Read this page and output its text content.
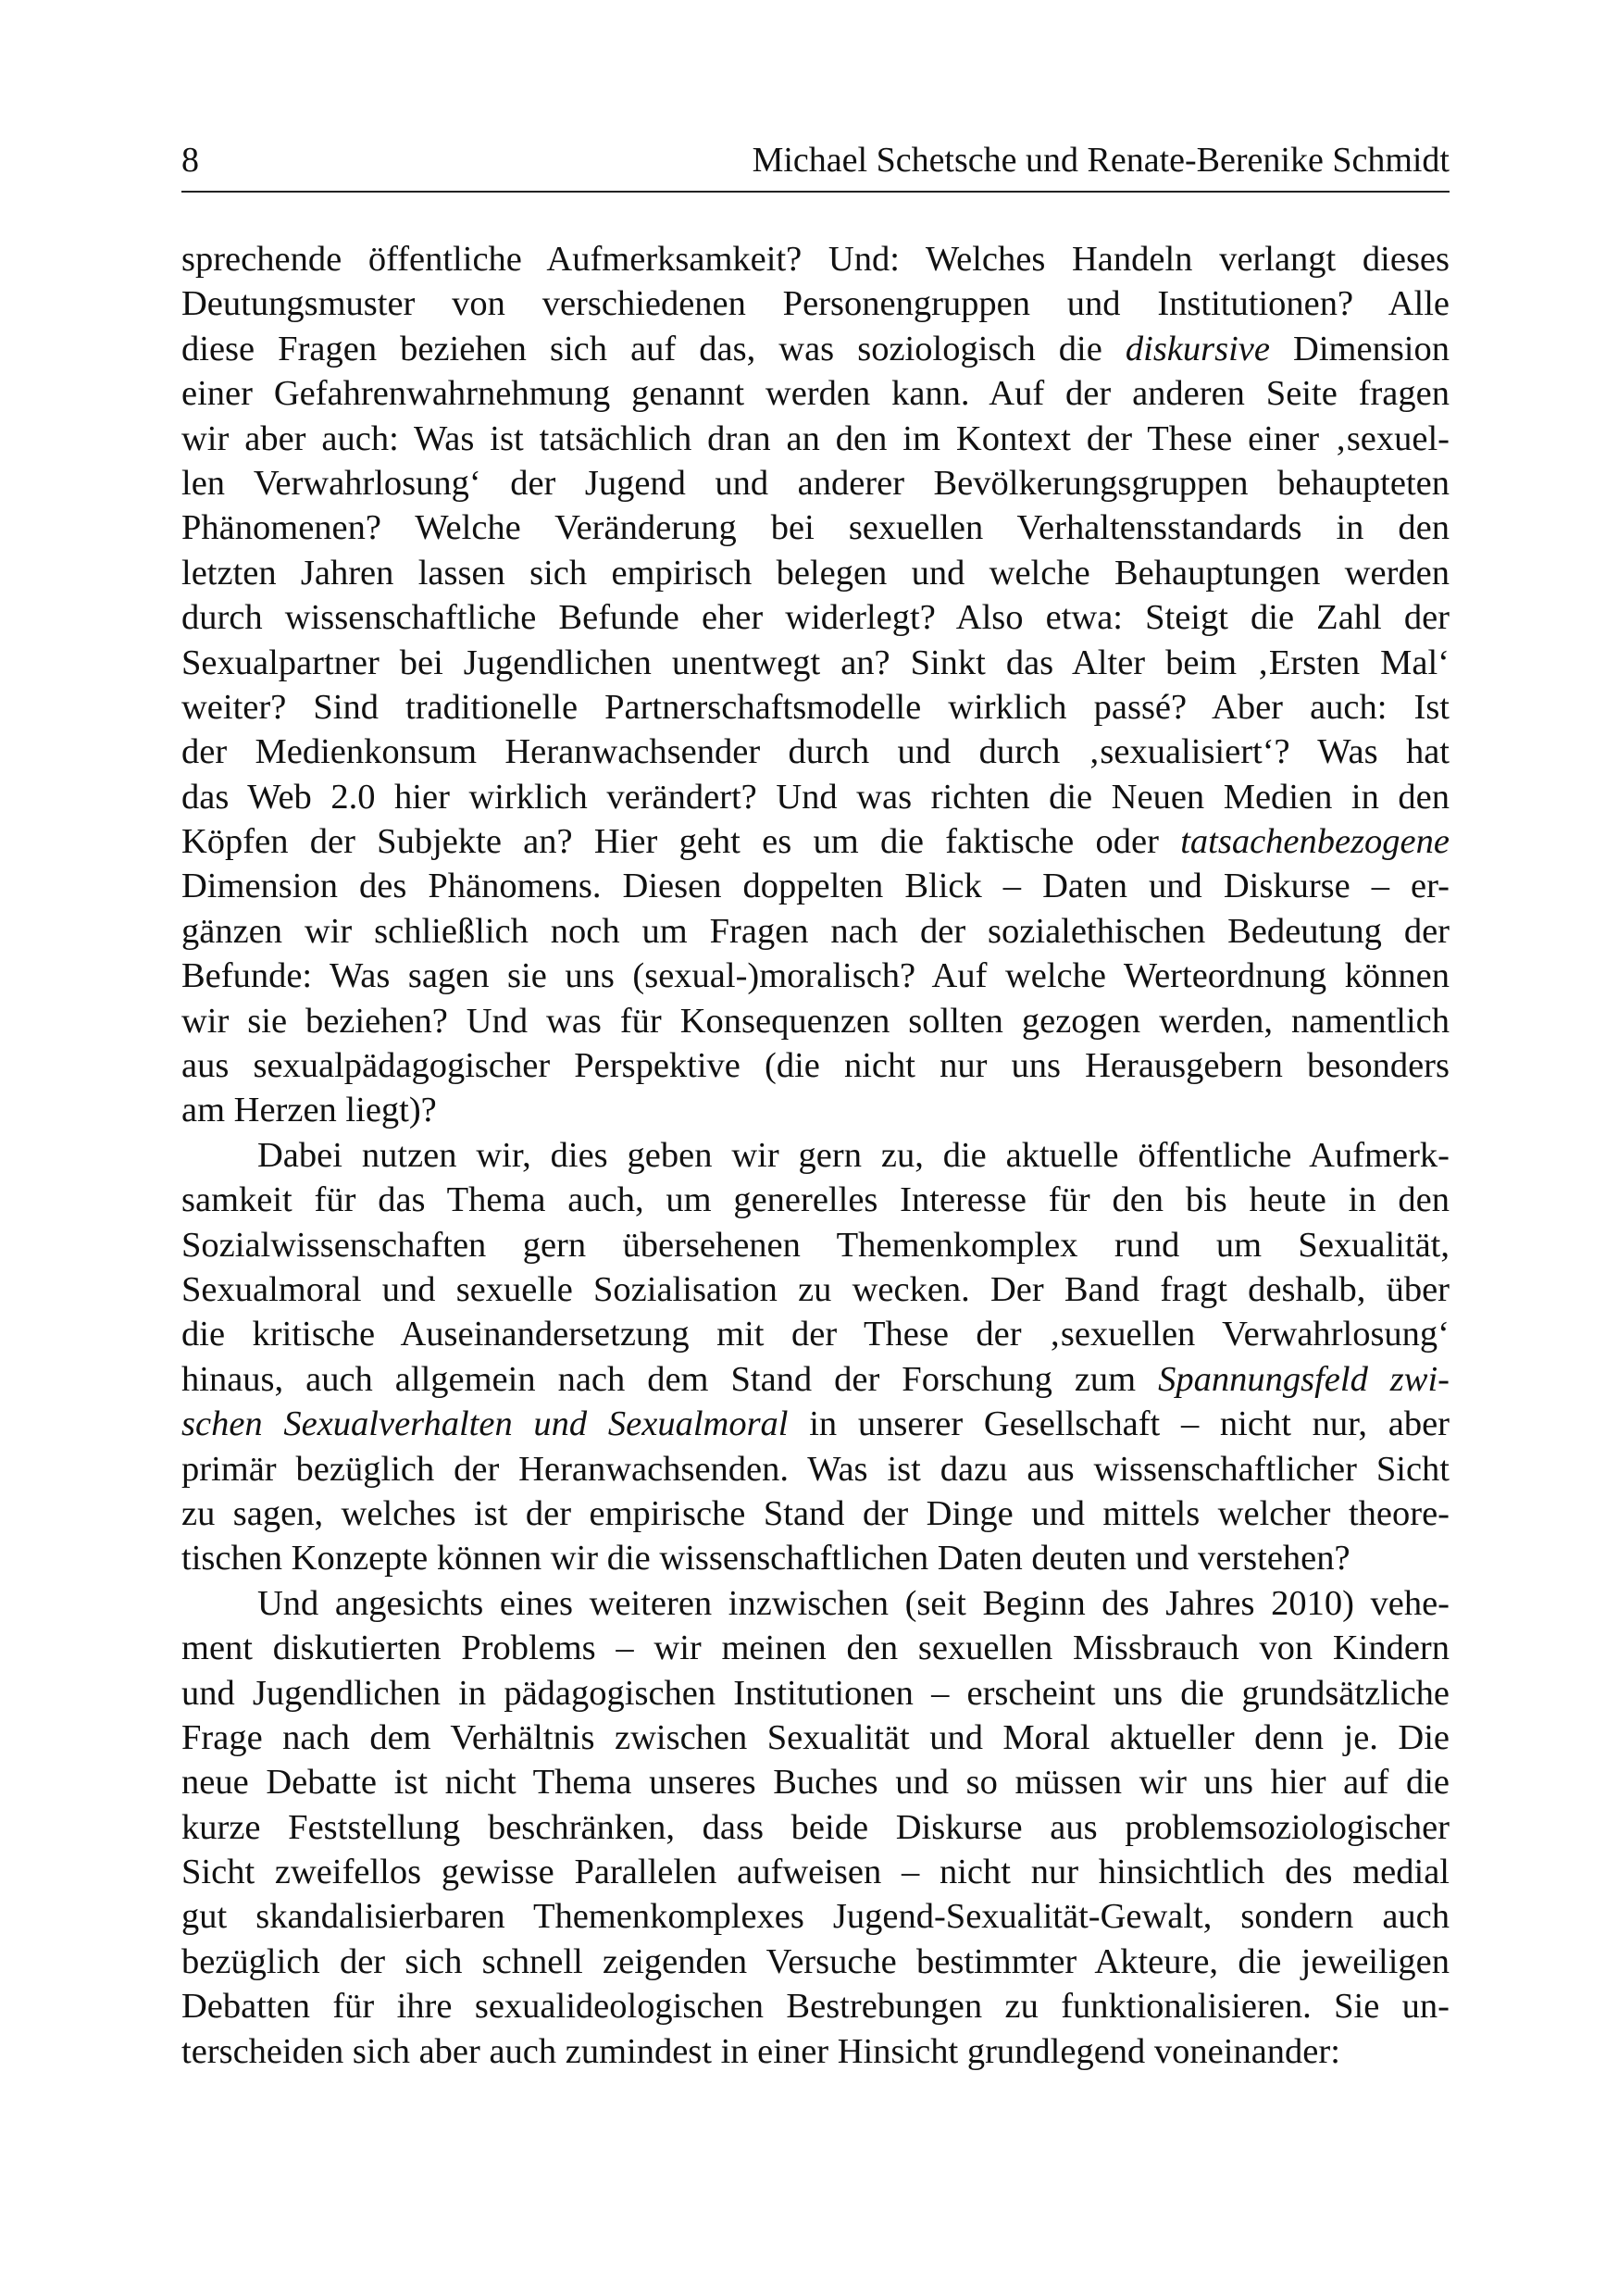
8	Michael Schetsche und Renate-Berenike Schmidt
sprechende öffentliche Aufmerksamkeit? Und: Welches Handeln verlangt dieses
Deutungsmuster von verschiedenen Personengruppen und Institutionen? Alle
diese Fragen beziehen sich auf das, was soziologisch die diskursive Dimension
einer Gefahrenwahrnehmung genannt werden kann. Auf der anderen Seite fragen
wir aber auch: Was ist tatsächlich dran an den im Kontext der These einer ‚sexuel-
len Verwahrlosung‘ der Jugend und anderer Bevölkerungsgruppen behaupteten
Phänomenen? Welche Veränderung bei sexuellen Verhaltensstandards in den
letzten Jahren lassen sich empirisch belegen und welche Behauptungen werden
durch wissenschaftliche Befunde eher widerlegt? Also etwa: Steigt die Zahl der
Sexualpartner bei Jugendlichen unentwegt an? Sinkt das Alter beim ‚Ersten Mal‘
weiter? Sind traditionelle Partnerschaftsmodelle wirklich passé? Aber auch: Ist
der Medienkonsum Heranwachsender durch und durch ‚sexualisiert‘? Was hat
das Web 2.0 hier wirklich verändert? Und was richten die Neuen Medien in den
Köpfen der Subjekte an? Hier geht es um die faktische oder tatsachenbezogene
Dimension des Phänomens. Diesen doppelten Blick – Daten und Diskurse – er-
gänzen wir schließlich noch um Fragen nach der sozialethischen Bedeutung der
Befunde: Was sagen sie uns (sexual-)moralisch? Auf welche Werteordnung können
wir sie beziehen? Und was für Konsequenzen sollten gezogen werden, namentlich
aus sexualpädagogischer Perspektive (die nicht nur uns Herausgebern besonders
am Herzen liegt)?
Dabei nutzen wir, dies geben wir gern zu, die aktuelle öffentliche Aufmerk-
samkeit für das Thema auch, um generelles Interesse für den bis heute in den
Sozialwissenschaften gern übersehenen Themenkomplex rund um Sexualität,
Sexualmoral und sexuelle Sozialisation zu wecken. Der Band fragt deshalb, über
die kritische Auseinandersetzung mit der These der ‚sexuellen Verwahrlosung‘
hinaus, auch allgemein nach dem Stand der Forschung zum Spannungsfeld zwi-
schen Sexualverhalten und Sexualmoral in unserer Gesellschaft – nicht nur, aber
primär bezüglich der Heranwachsenden. Was ist dazu aus wissenschaftlicher Sicht
zu sagen, welches ist der empirische Stand der Dinge und mittels welcher theore-
tischen Konzepte können wir die wissenschaftlichen Daten deuten und verstehen?
Und angesichts eines weiteren inzwischen (seit Beginn des Jahres 2010) vehe-
ment diskutierten Problems – wir meinen den sexuellen Missbrauch von Kindern
und Jugendlichen in pädagogischen Institutionen – erscheint uns die grundsätzliche
Frage nach dem Verhältnis zwischen Sexualität und Moral aktueller denn je. Die
neue Debatte ist nicht Thema unseres Buches und so müssen wir uns hier auf die
kurze Feststellung beschränken, dass beide Diskurse aus problemsoziologischer
Sicht zweifellos gewisse Parallelen aufweisen – nicht nur hinsichtlich des medial
gut skandalisierbaren Themenkomplexes Jugend-Sexualität-Gewalt, sondern auch
bezüglich der sich schnell zeigenden Versuche bestimmter Akteure, die jeweiligen
Debatten für ihre sexualideologischen Bestrebungen zu funktionalisieren. Sie un-
terscheiden sich aber auch zumindest in einer Hinsicht grundlegend voneinander:
